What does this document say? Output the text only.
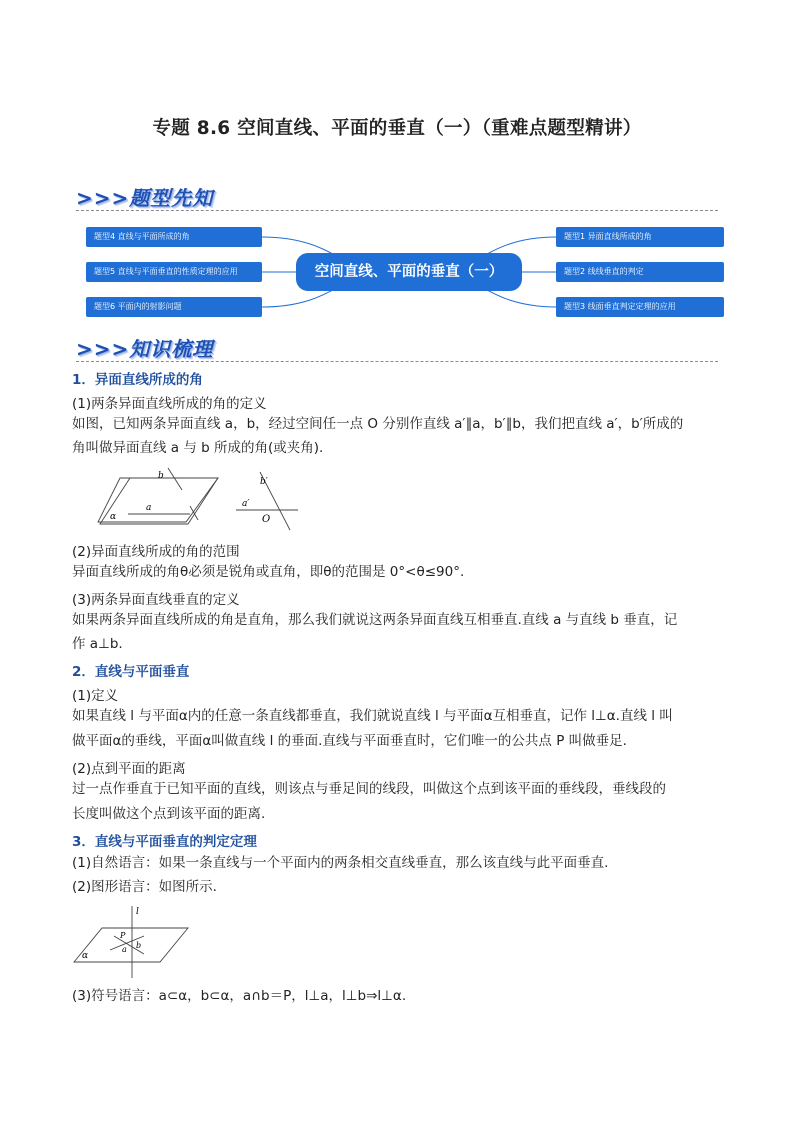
专题 8.6 空间直线、平面的垂直（一）（重难点题型精讲）
>>>题型先知
题型4 直线与平面所成的角
题型5 直线与平面垂直的性质定理的应用
题型6 平面内的射影问题
空间直线、平面的垂直（一）
题型1 异面直线所成的角
题型2 线线垂直的判定
题型3 线面垂直判定定理的应用
>>>知识梳理
1．异面直线所成的角
(1)两条异面直线所成的角的定义
如图，已知两条异面直线 a，b，经过空间任一点 O 分别作直线 a′∥a，b′∥b，我们把直线 a′，b′所成的
角叫做异面直线 a 与 b 所成的角(或夹角).
b
a
α
b′
a′
O
(2)异面直线所成的角的范围
异面直线所成的角θ必须是锐角或直角，即θ的范围是 0°<θ≤90°.
(3)两条异面直线垂直的定义
如果两条异面直线所成的角是直角，那么我们就说这两条异面直线互相垂直.直线 a 与直线 b 垂直，记
作 a⊥b.
2．直线与平面垂直
(1)定义
如果直线 l 与平面α内的任意一条直线都垂直，我们就说直线 l 与平面α互相垂直，记作 l⊥α.直线 l 叫
做平面α的垂线，平面α叫做直线 l 的垂面.直线与平面垂直时，它们唯一的公共点 P 叫做垂足.
(2)点到平面的距离
过一点作垂直于已知平面的直线，则该点与垂足间的线段，叫做这个点到该平面的垂线段，垂线段的
长度叫做这个点到该平面的距离.
3．直线与平面垂直的判定定理
(1)自然语言：如果一条直线与一个平面内的两条相交直线垂直，那么该直线与此平面垂直.
(2)图形语言：如图所示.
l
P
a b
α
(3)符号语言：a⊂α，b⊂α，a∩b＝P，l⊥a，l⊥b⇒l⊥α.
